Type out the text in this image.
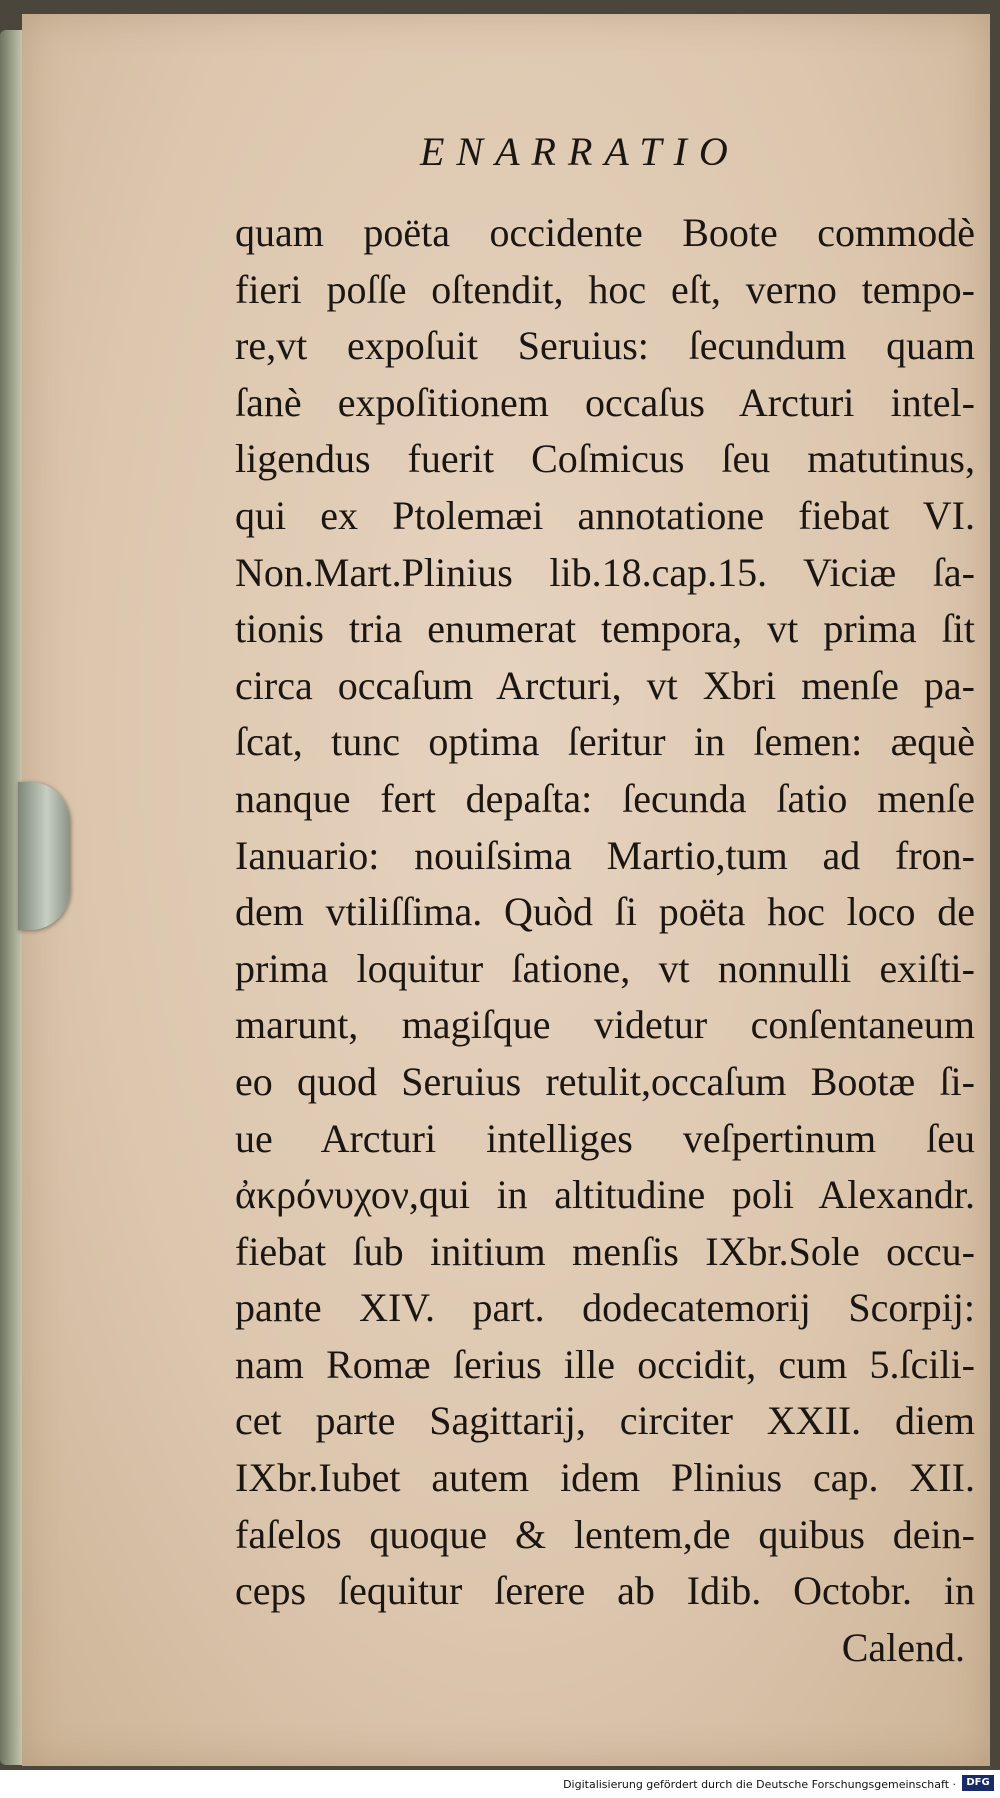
ENARRATIO
quam poëta occidente Boote commodè
fieri poſſe oſtendit, hoc eſt, verno tempo-
re,vt expoſuit Seruius: ſecundum quam
ſanè expoſitionem occaſus Arcturi intel-
ligendus fuerit Coſmicus ſeu matutinus,
qui ex Ptolemæi annotatione fiebat VI.
Non.Mart.Plinius lib.18.cap.15. Viciæ ſa-
tionis tria enumerat tempora, vt prima ſit
circa occaſum Arcturi, vt Xbri menſe pa-
ſcat, tunc optima ſeritur in ſemen: æquè
nanque fert depaſta: ſecunda ſatio menſe
Ianuario: nouiſsima Martio,tum ad fron-
dem vtiliſſima. Quòd ſi poëta hoc loco de
prima loquitur ſatione, vt nonnulli exiſti-
marunt, magiſque videtur conſentaneum
eo quod Seruius retulit,occaſum Bootæ ſi-
ue Arcturi intelliges veſpertinum ſeu
ἀκρόνυχον,qui in altitudine poli Alexandr.
fiebat ſub initium menſis IXbr.Sole occu-
pante XIV. part. dodecatemorij Scorpij:
nam Romæ ſerius ille occidit, cum 5.ſcili-
cet parte Sagittarij, circiter XXII. diem
IXbr.Iubet autem idem Plinius cap. XII.
faſelos quoque & lentem,de quibus dein-
ceps ſequitur ſerere ab Idib. Octobr. in
Calend.
Digitalisierung gefördert durch die Deutsche Forschungsgemeinschaft ·	DFG
